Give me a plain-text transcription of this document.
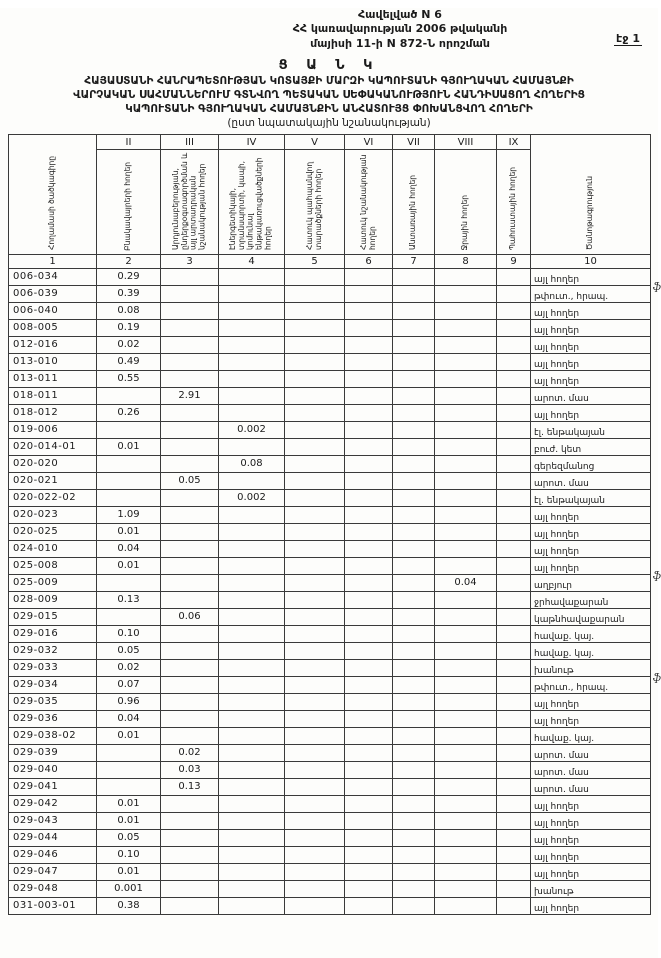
էջ 1
Հավելված N 6
ՀՀ կառավարության 2006 թվականի
մայիսի 11-ի N 872-Ն որոշման
Ց Ա Ն Կ
ՀԱՅԱՍՏԱՆԻ ՀԱՆՐԱՊԵՏՈՒԹՅԱՆ ԿՈՏԱՅՔԻ ՄԱՐԶԻ ԿԱՊՈՒՏԱՆԻ ԳՅՈՒՂԱԿԱՆ ՀԱՄԱՅՆՔԻ
ՎԱՐՉԱԿԱՆ ՍԱՀՄԱՆՆԵՐՈՒՄ ԳՏՆՎՈՂ ՊԵՏԱԿԱՆ ՍԵՓԱԿԱՆՈՒԹՅՈՒՆ ՀԱՆԴԻՍԱՑՈՂ ՀՈՂԵՐԻՑ
ԿԱՊՈՒՏԱՆԻ ԳՅՈՒՂԱԿԱՆ ՀԱՄԱՅՆՔԻՆ ԱՆՀԱՏՈՒՅՑ ՓՈԽԱՆՑՎՈՂ ՀՈՂԵՐԻ
(ըստ նպատակային նշանակության)
Հողամասի ծածկագիրը	II	III	IV	V	VI	VII	VIII	IX	Ծանոթագրություն
	Բնակավայրերի հողեր	Արդյունաբերության, ընդերքօգտագործման և այլ արտադրական նշանակության հողեր	Էներգետիկայի, տրանսպորտի, կապի, կոմունալ ենթակառուցվածքների հողեր	Հատուկ պահպանվող տարածքների հողեր	Հատուկ նշանակության հողեր	Անտառային հողեր	Ջրային հողեր	Պահուստային հողեր	
1	2	3	4	5	6	7	8	9	10
006-034	0.29								այլ հողեր
006-039	0.39								թփուտ., հրապ.
ֆ

006-040	0.08								այլ հողեր
008-005	0.19								այլ հողեր
012-016	0.02								այլ հողեր
013-010	0.49								այլ հողեր
013-011	0.55								այլ հողեր
018-011		2.91							արոտ. մաս
018-012	0.26								այլ հողեր
019-006			0.002						էլ. ենթակայան
020-014-01	0.01								բուժ. կետ
020-020			0.08						գերեզմանոց
020-021		0.05							արոտ. մաս
020-022-02			0.002						էլ. ենթակայան
020-023	1.09								այլ հողեր
020-025	0.01								այլ հողեր
024-010	0.04								այլ հողեր
025-008	0.01								այլ հողեր
025-009							0.04		աղբյուր
ֆ

028-009	0.13								ջրհավաքարան
029-015		0.06							կաթնհավաքարան
029-016	0.10								հավաք. կայ.
029-032	0.05								հավաք. կայ.
029-033	0.02								խանութ
029-034	0.07								թփուտ., հրապ.
ֆ

029-035	0.96								այլ հողեր
029-036	0.04								այլ հողեր
029-038-02	0.01								հավաք. կայ.
029-039		0.02							արոտ. մաս
029-040		0.03							արոտ. մաս
029-041		0.13							արոտ. մաս
029-042	0.01								այլ հողեր
029-043	0.01								այլ հողեր
029-044	0.05								այլ հողեր
029-046	0.10								այլ հողեր
029-047	0.01								այլ հողեր
029-048	0.001								խանութ
031-003-01	0.38								այլ հողեր
